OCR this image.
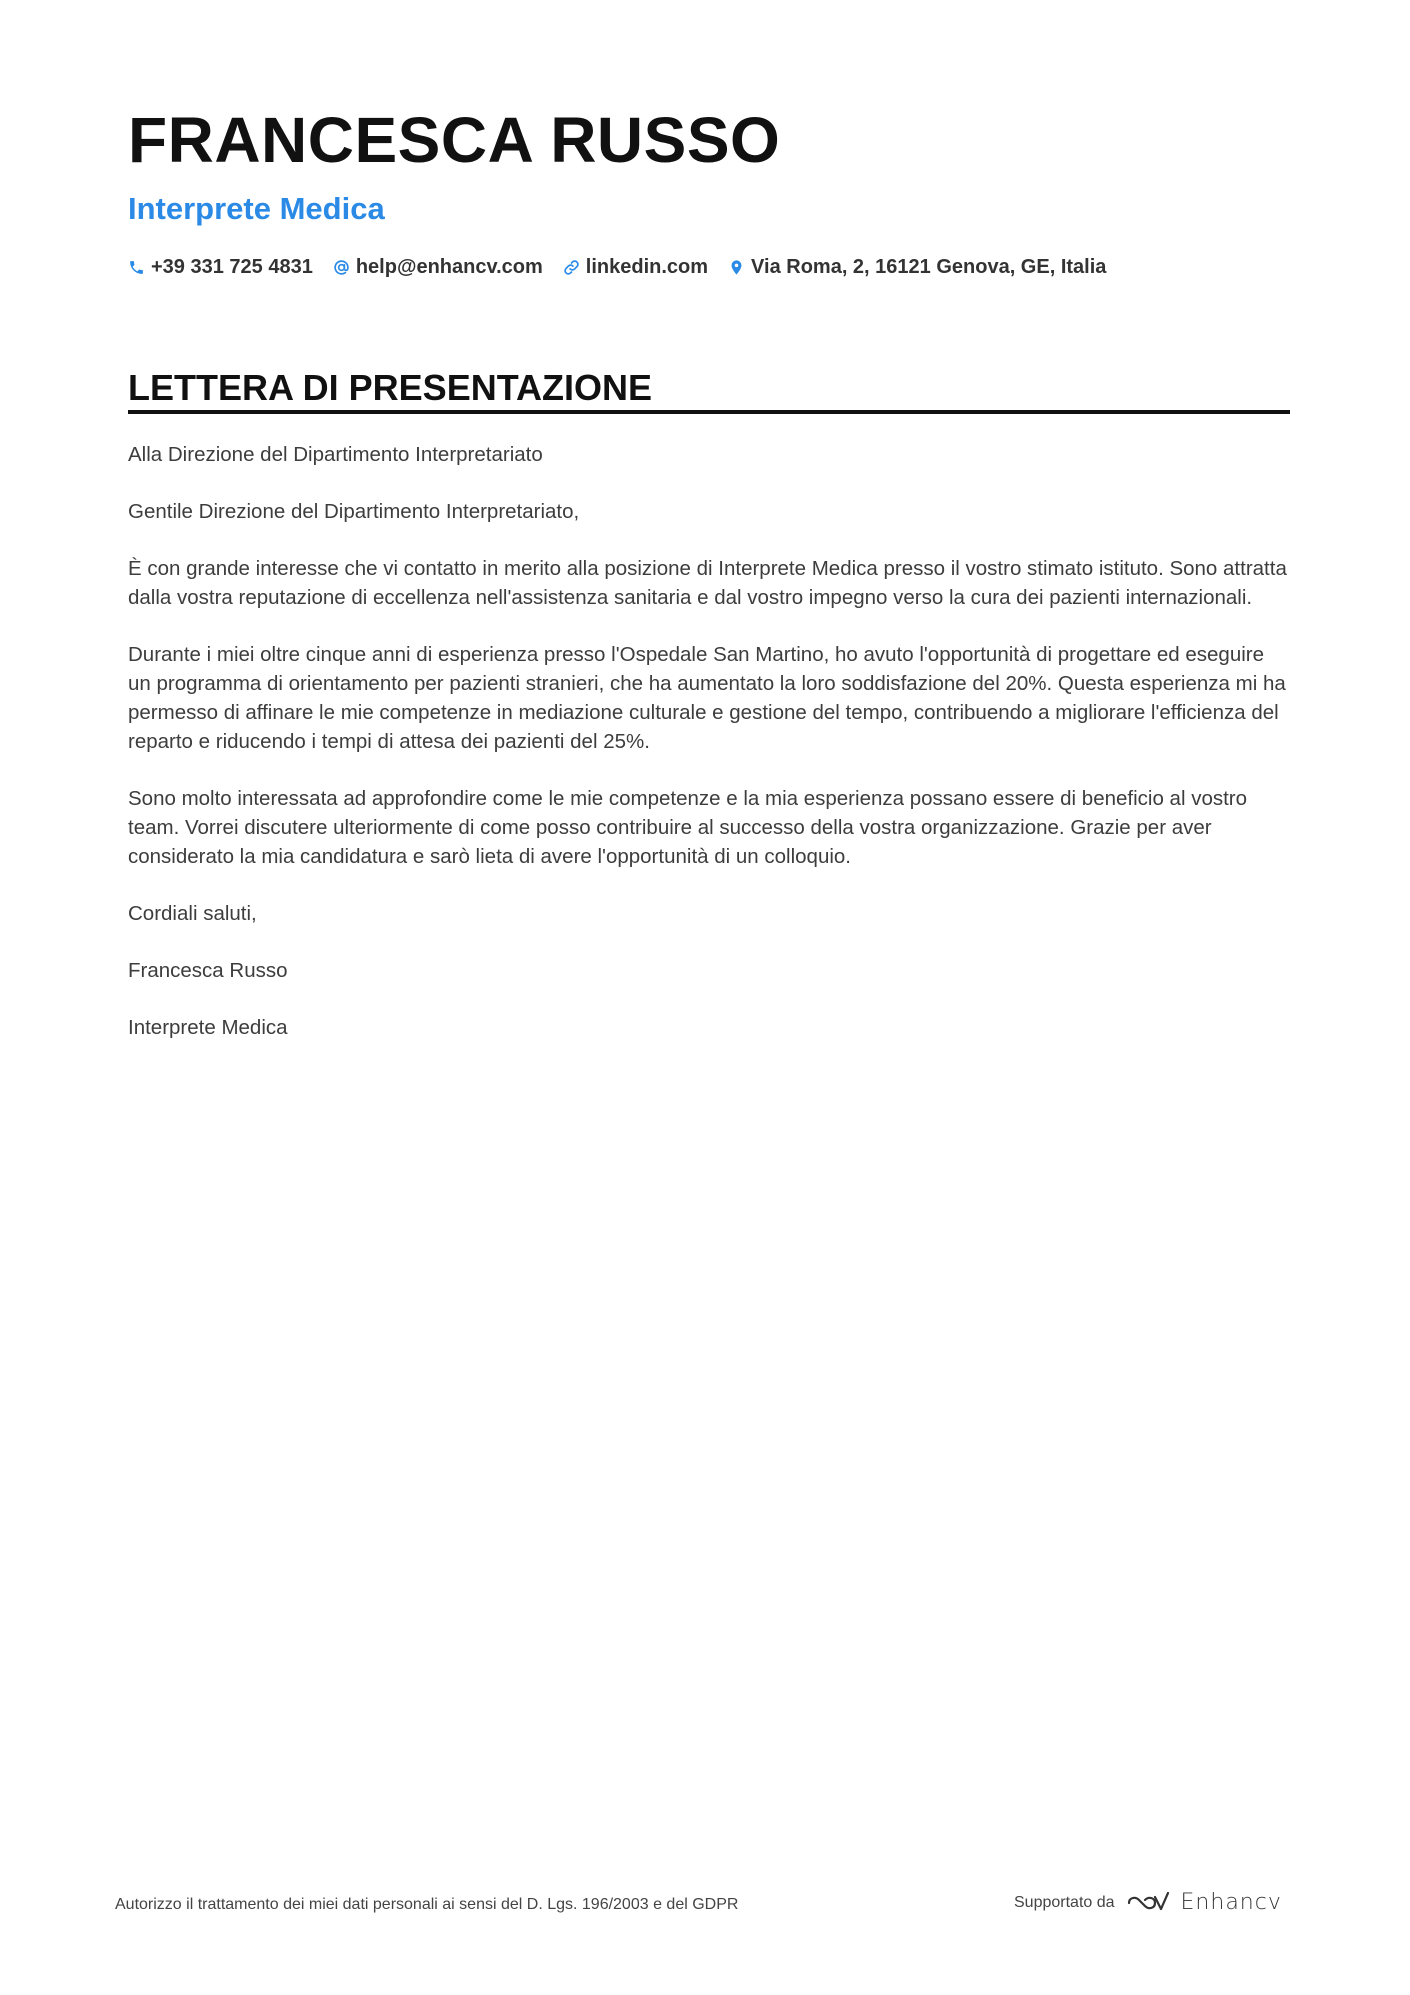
FRANCESCA RUSSO
Interprete Medica
+39 331 725 4831 help@enhancv.com linkedin.com Via Roma, 2, 16121 Genova, GE, Italia
LETTERA DI PRESENTAZIONE

Alla Direzione del Dipartimento Interpretariato

Gentile Direzione del Dipartimento Interpretariato,

È con grande interesse che vi contatto in merito alla posizione di Interprete Medica presso il vostro stimato istituto. Sono attratta dalla vostra reputazione di eccellenza nell'assistenza sanitaria e dal vostro impegno verso la cura dei pazienti internazionali.

Durante i miei oltre cinque anni di esperienza presso l'Ospedale San Martino, ho avuto l'opportunità di progettare ed eseguire un programma di orientamento per pazienti stranieri, che ha aumentato la loro soddisfazione del 20%. Questa esperienza mi ha permesso di affinare le mie competenze in mediazione culturale e gestione del tempo, contribuendo a migliorare l'efficienza del reparto e riducendo i tempi di attesa dei pazienti del 25%.

Sono molto interessata ad approfondire come le mie competenze e la mia esperienza possano essere di beneficio al vostro team. Vorrei discutere ulteriormente di come posso contribuire al successo della vostra organizzazione. Grazie per aver considerato la mia candidatura e sarò lieta di avere l'opportunità di un colloquio.

Cordiali saluti,

Francesca Russo

Interprete Medica

Autorizzo il trattamento dei miei dati personali ai sensi del D. Lgs. 196/2003 e del GDPR	Supportato da	Enhancv
